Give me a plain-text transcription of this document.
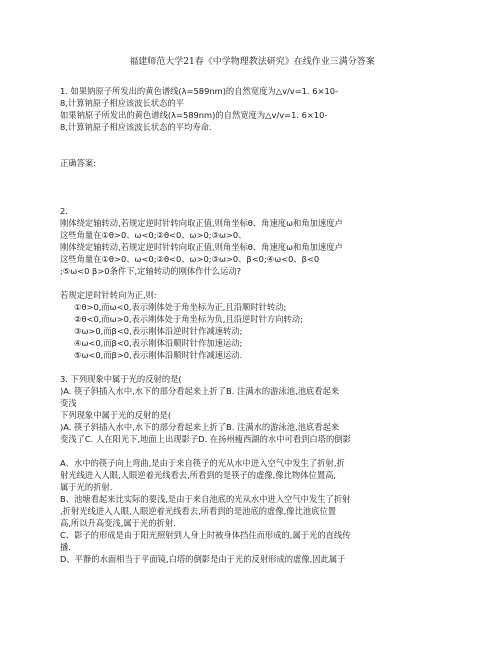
福建师范大学21春《中学物理教法研究》在线作业三满分答案
1. 如果钠原子所发出的黄色谱线(λ=589nm)的自然宽度为△v/v=1. 6×10-
8,计算钠原子相应该波长状态的平
如果钠原子所发出的黄色谱线(λ=589nm)的自然宽度为△v/v=1. 6×10-
8,计算钠原子相应该波长状态的平均寿命.
正确答案:
2.
刚体绕定轴转动,若规定逆时针转向取正值,则角坐标θ、角速度ω和角加速度卢
这些角量在①θ>0、ω<0;②θ<0、ω>0;③ω>0、
刚体绕定轴转动,若规定逆时针转向取正值,则角坐标θ、角速度ω和角加速度卢
这些角量在①θ>0、ω<0;②θ<0、ω>0;③ω>0、β<0;④ω<0、β<0
;⑤ω<0 β>0条件下,定轴转动的刚体作什么运动?
若规定逆时针转向为正,则:
①θ>0,而ω<0,表示刚体处于角坐标为正,且沿顺时针转动;
②θ<0,而ω>0,表示刚体处于角坐标为负,且沿逆时针方向转动;
③ω>0,而β<0,表示刚体沿逆时针作减速转动;
④ω<0,而β<0,表示刚体沿顺时针作加速运动;
⑤ω<0,而β>0,表示刚体沿顺时针作减速运动.
3. 下列现象中属于光的反射的是(
)A. 筷子斜插入水中,水下的部分看起来上折了B. 注满水的游泳池,池底看起来
变浅
下列现象中属于光的反射的是(
)A. 筷子斜插入水中,水下的部分看起来上折了B. 注满水的游泳池,池底看起来
变浅了C. 人在阳光下,地面上出现影子D. 在扬州瘦西湖的水中可看到白塔的倒影
A、水中的筷子向上弯曲,是由于来自筷子的光从水中进入空气中发生了折射,折
射光线进入人眼,人眼逆着光线看去,所看到的是筷子的虚像,像比物体位置高,
属于光的折射.
B、池塘看起来比实际的要浅,是由于来自池底的光从水中进入空气中发生了折射
,折射光线进入人眼,人眼逆着光线看去,所看到的是池底的虚像,像比池底位置
高,所以升高变浅,属于光的折射.
C、影子的形成是由于阳光照射到人身上时被身体挡住而形成的,属于光的直线传
播.
D、平静的水面相当于平面镜,白塔的倒影是由于光的反射形成的虚像,因此属于
